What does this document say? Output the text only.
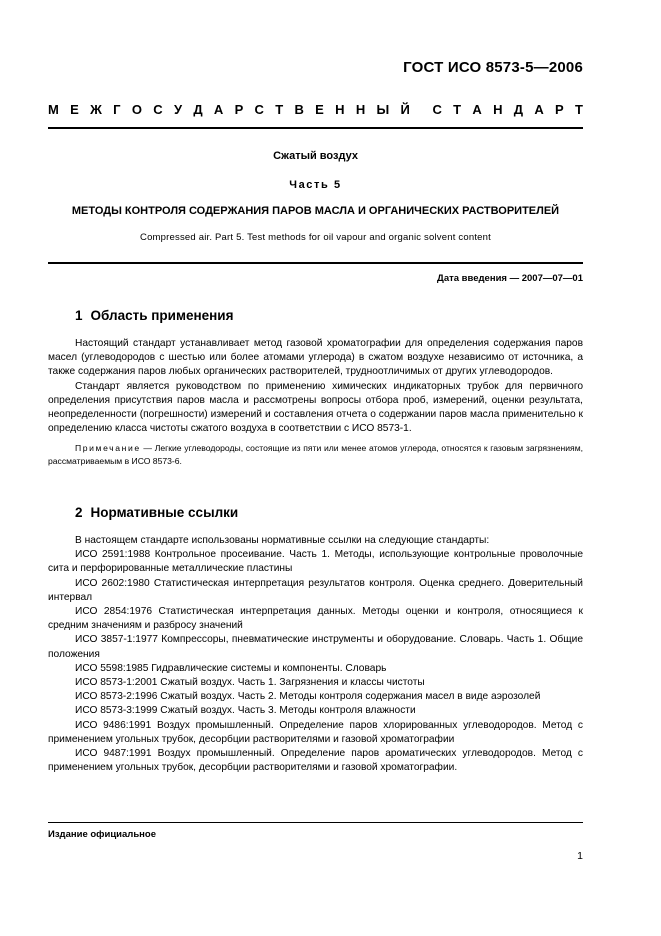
ГОСТ ИСО 8573-5—2006
М Е Ж Г О С У Д А Р С Т В Е Н Н Ы Й С Т А Н Д А Р Т
Сжатый воздух
Часть 5
МЕТОДЫ КОНТРОЛЯ СОДЕРЖАНИЯ ПАРОВ МАСЛА И ОРГАНИЧЕСКИХ РАСТВОРИТЕЛЕЙ
Compressed air. Part 5. Test methods for oil vapour and organic solvent content
Дата введения — 2007—07—01
1 Область применения

Настоящий стандарт устанавливает метод газовой хроматографии для определения содержания паров масел (углеводородов с шестью или более атомами углерода) в сжатом воздухе независимо от источника, а также содержания паров любых органических растворителей, трудноотличимых от других углеводородов.

Стандарт является руководством по применению химических индикаторных трубок для первичного определения присутствия паров масла и рассмотрены вопросы отбора проб, измерений, оценки результата, неопределенности (погрешности) измерений и составления отчета о содержании паров масла применительно к определению класса чистоты сжатого воздуха в соответствии с ИСО 8573-1.

Примечание — Легкие углеводороды, состоящие из пяти или менее атомов углерода, относятся к газовым загрязнениям, рассматриваемым в ИСО 8573-6.

2 Нормативные ссылки

В настоящем стандарте использованы нормативные ссылки на следующие стандарты:

ИСО 2591:1988 Контрольное просеивание. Часть 1. Методы, использующие контрольные проволочные сита и перфорированные металлические пластины

ИСО 2602:1980 Статистическая интерпретация результатов контроля. Оценка среднего. Доверительный интервал

ИСО 2854:1976 Статистическая интерпретация данных. Методы оценки и контроля, относящиеся к средним значениям и разбросу значений

ИСО 3857-1:1977 Компрессоры, пневматические инструменты и оборудование. Словарь. Часть 1. Общие положения

ИСО 5598:1985 Гидравлические системы и компоненты. Словарь

ИСО 8573-1:2001 Сжатый воздух. Часть 1. Загрязнения и классы чистоты

ИСО 8573-2:1996 Сжатый воздух. Часть 2. Методы контроля содержания масел в виде аэрозолей

ИСО 8573-3:1999 Сжатый воздух. Часть 3. Методы контроля влажности

ИСО 9486:1991 Воздух промышленный. Определение паров хлорированных углеводородов. Метод с применением угольных трубок, десорбции растворителями и газовой хроматографии

ИСО 9487:1991 Воздух промышленный. Определение паров ароматических углеводородов. Метод с применением угольных трубок, десорбции растворителями и газовой хроматографии.

Издание официальное
1
